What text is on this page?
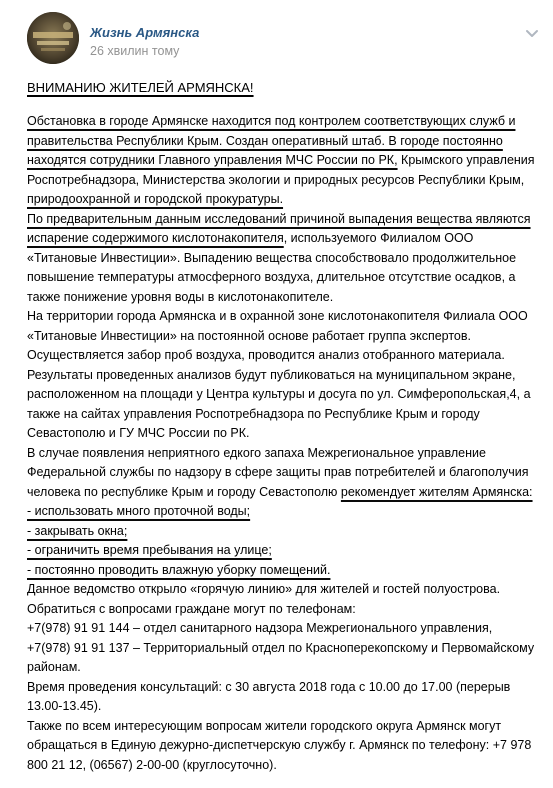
Жизнь Армянска
26 хвилин тому
ВНИМАНИЮ ЖИТЕЛЕЙ АРМЯНСКА!
Обстановка в городе Армянске находится под контролем соответствующих служб и правительства Республики Крым. Создан оперативный штаб. В городе постоянно находятся сотрудники Главного управления МЧС России по РК, Крымского управления Роспотребнадзора, Министерства экологии и природных ресурсов Республики Крым, природоохранной и городской прокуратуры.
По предварительным данным исследований причиной выпадения вещества являются испарение содержимого кислотонакопителя, используемого Филиалом ООО «Титановые Инвестиции». Выпадению вещества способствовало продолжительное повышение температуры атмосферного воздуха, длительное отсутствие осадков, а также понижение уровня воды в кислотонакопителе.
На территории города Армянска и в охранной зоне кислотонакопителя Филиала ООО «Титановые Инвестиции» на постоянной основе работает группа экспертов. Осуществляется забор проб воздуха, проводится анализ отобранного материала. Результаты проведенных анализов будут публиковаться на муниципальном экране, расположенном на площади у Центра культуры и досуга по ул. Симферопольская,4, а также на сайтах управления Роспотребнадзора по Республике Крым и городу Севастополю и ГУ МЧС России по РК.
В случае появления неприятного едкого запаха Межрегиональное управление Федеральной службы по надзору в сфере защиты прав потребителей и благополучия человека по республике Крым и городу Севастополю рекомендует жителям Армянска:
- использовать много проточной воды;
- закрывать окна;
- ограничить время пребывания на улице;
- постоянно проводить влажную уборку помещений.
Данное ведомство открыло «горячую линию» для жителей и гостей полуострова.
Обратиться с вопросами граждане могут по телефонам:
+7(978) 91 91 144 – отдел санитарного надзора Межрегионального управления,
+7(978) 91 91 137 – Территориальный отдел по Красноперекопскому и Первомайскому районам.
Время проведения консультаций: с 30 августа 2018 года с 10.00 до 17.00 (перерыв 13.00-13.45).
Также по всем интересующим вопросам жители городского округа Армянск могут обращаться в Единую дежурно-диспетчерскую службу г. Армянск по телефону: +7 978 800 21 12, (06567) 2-00-00 (круглосуточно).
